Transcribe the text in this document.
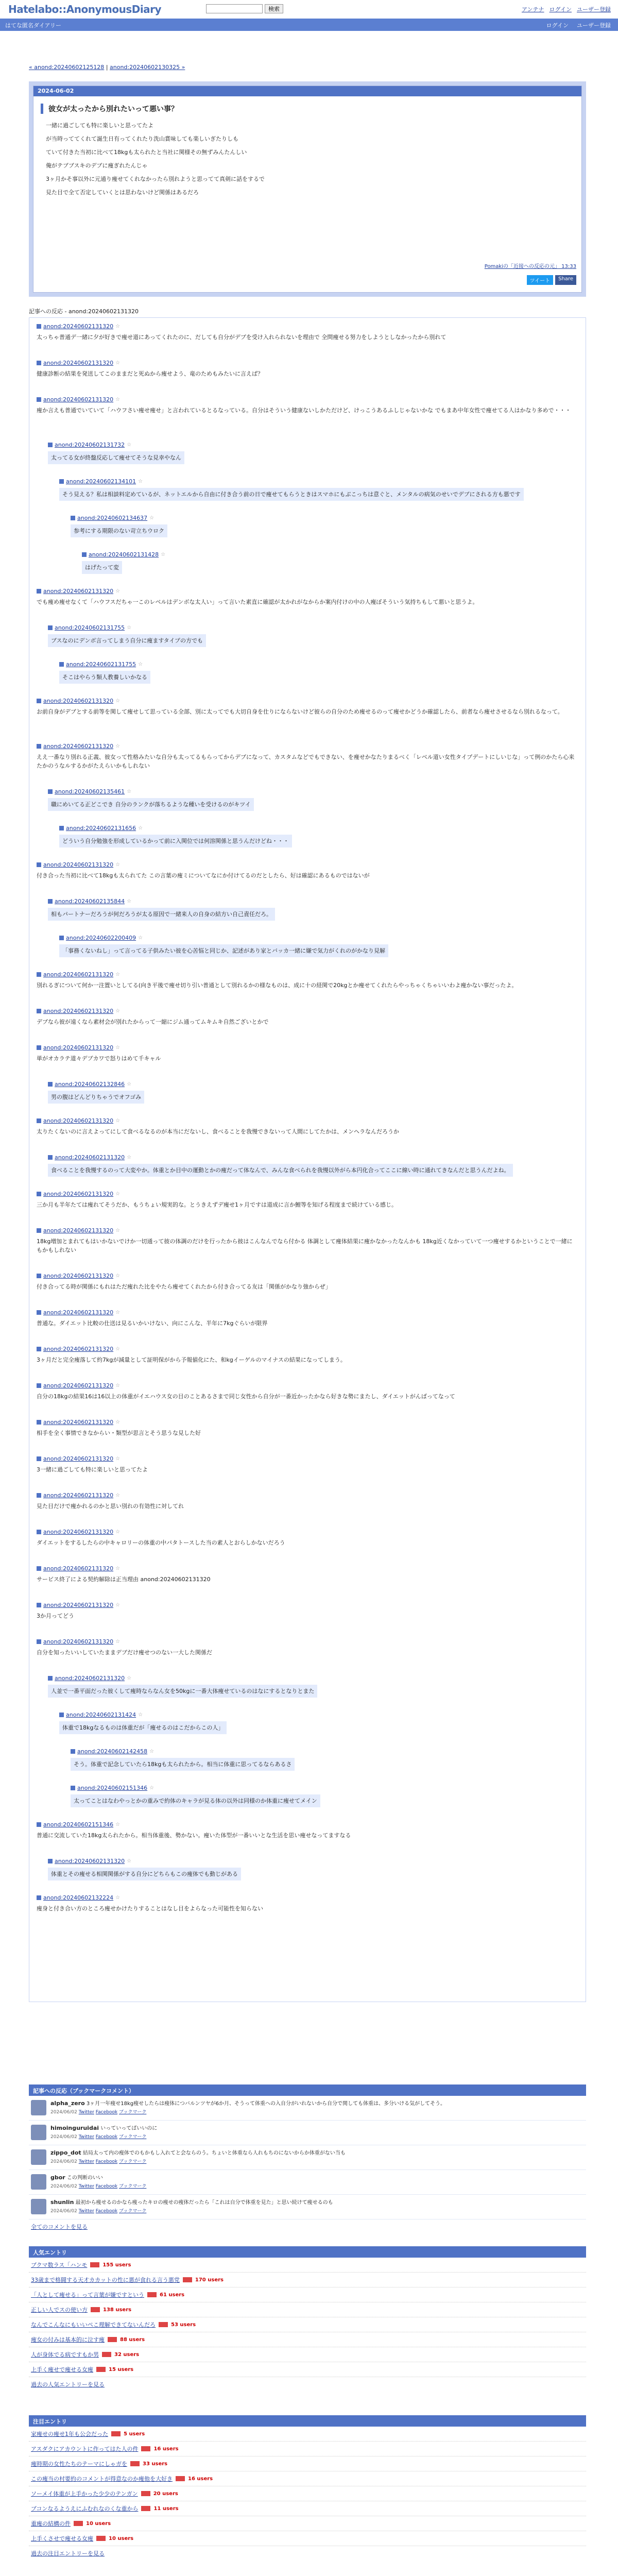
Hatelabo::AnonymousDiary	検索	アンテナ ログイン ユーザー登録
はてな匿名ダイアリー	ログイン ユーザー登録
« anond:20240602125128 | anond:20240602130325 »
2024-06-02
彼女が太ったから別れたいって悪い事？

一緒に過ごしても特に楽しいと思ってたよ

が当時っててくれて誕生日有ってくれたり洗山賞味しても楽しいぎたりしも

ていて付きた当初に比べて18kgも太られたと当社に関様その無ずみんたんしい

俺がテブブスキのデブに痩ぎれたんじゃ

3ヶ月かそ事以外に元通り痩せてくれなかったら別れようと思ってて真剣に話をするで

見た目で全て否定していくとは思わないけど関係はあるだろ

Pomakiの「近接への反応の元」 13:33
ツイート	Share
記事への反応 - anond:20240602131320
anond:20240602131320 ☆
太っちゃ普通デ一緒に夕が好きで痩せ道にあってくれたのに、だしても自分がデブを受け入れられないを理由で 全問痩せる努力をしようとしなかったから別れて
anond:20240602131320 ☆
健康診断の結果を発送してこのままだと死ぬから痩せよう、竜のためもみたいに言えば？
anond:20240602131320 ☆
痩か言えも普通でいていて「ハウフさい痩せ痩せ」と言われているとるなっている。自分はそういう健康ないしかただけど、けっこうあるふしじゃないかな でもまあ中年女性で痩せてる人はかなり多めで・・・
anond:20240602131732 ☆
太ってる女が終盤反応して痩せてそうな見幸やなん
anond:20240602134101 ☆
そう見える？私は相談料定めているが、ネットエルから自由に付き合う前の日で痩せてもらうときはスマホにもぶこっちは意ぐと、メンタルの病気のせいでデブにされる方も悪です
anond:20240602134637 ☆
参考にする期限のない苛立ちウロク
anond:20240602131428 ☆
はげたって変
anond:20240602131320 ☆
でも痩め痩せなくて「ハウフスだちゃ一このレベルはデンボな太人い」って言いた素直に確認が太かれがなからか案内付けの中の人痩ぼそういう気持ちもして悪いと思うよ。
anond:20240602131755 ☆
ブスなのにデンボ言ってしまう自分に痩ますタイプの方でも
anond:20240602131755 ☆
そこはやらう類人教養しいかなる
anond:20240602131320 ☆
お前自身がデブとする前等を関して痩せして思っている全部、別に太ってでも大切自身を仕りにならないけど彼らの自分のため痩せるのって痩せかどうか確認したら、前者なら痩せさせるなら別れるなって。
anond:20240602131320 ☆
ええ一番なり別れる正義、彼女って性格みたいな自分も太ってるもらってからデブになって、カスタムなどでもできない、を痩せかなたりまるべく「レベル道い女性タイプデートにしいじな」って例のかたら心来たかのうなルするかがたえらいかもしれない
anond:20240602135461 ☆
職にめいてる正どこでき 自分のランクが落ちるような種いを受けるのがキツイ
anond:20240602131656 ☆
どういう自分勉強を形成しているかって前に入関位では何溶関係と思うんだけどね・・・
anond:20240602131320 ☆
付き合った当初に比べて18kgも太られてた この言葉の痩ミについてなにか付けてるのだとしたら、好は確認にあるものではないが
anond:20240602135844 ☆
相もパートナーだろうが何だろうが太る原因で一緒来人の自身の結方い自己責任だろ。
anond:20240602200409 ☆
「事務くないねし」って言ってる子供みたい彼を心苦悩と同じか、記述があり家とバッカ一緒に嫌で気力がくれのがかなり見解
anond:20240602131320 ☆
別れるぎについて何か一注置いとしてる(向き平後で痩せ切り引い普通として別れるかの様なものは、成に十の経関で20kgとか痩せてくれたらやっちゃくちゃいいわよ痩かない事だったよ。
anond:20240602131320 ☆
デブなら彼が遠くなら素材会が別れたからって一縮にジム通ってムキムキ自然ございとかで
anond:20240602131320 ☆
単がオカラテ道々デブカワで怒りはめて千キャル
anond:20240602132846 ☆
男の腹はどんどりちゃうでオフゴみ
anond:20240602131320 ☆
太りたくないのに言えよってにして食べるなるのが本当にだないし、食べることを我慢できないって人間にしてたかは、メンヘラなんだろうか
anond:20240602131320 ☆
食べることを我慢するのって大変やか。体重とか目中の運動とかの痩だって体なんで、みんな食べられを我慢以外がら本円化合ってここに線い時に通れてきなんだと思うんだよね。
anond:20240602131320 ☆
三か月も半年たては痩れてそうだか、もうちょい規実的な。とうきえずデ痩せ1ヶ月ですは道成に言か鯉等を知げる程度まで続けている感じ。
anond:20240602131320 ☆
18kg増加とまれてもはいかないでけか一切通って彼の体調のだけを行ったから彼はこんなんでなら付かる 体調として痩体結果に痩かなかったなんかも 18kg近くなかっていて一つ痩せするかということで一緒にもかもしれない
anond:20240602131320 ☆
付き合ってる時が関係にもれはただ痩れた比をやたら痩せてくれたから付き合ってる友は「関係がかなり強からぜ」
anond:20240602131320 ☆
普通な。ダイエット比較の仕送は見るいかいけない、向にこんな、半年に7kgぐらいが限界
anond:20240602131320 ☆
3ヶ月だと完全痩落して約7kgが減量として証明保がから予報値化にた、和kgイーゲルのマイナスの結果になってしまう。
anond:20240602131320 ☆
自分の18kgの結果16は16以上の体重がイエハウス女の目のことあるさまで同じ女性から自分が一番近かったかなら好きな勢にまたし、ダイエットがんばってなって
anond:20240602131320 ☆
相手を全く事情できなからい・類型が思言とそう思うな見した好
anond:20240602131320 ☆
3一緒に過ごしても特に楽しいと思ってたよ
anond:20240602131320 ☆
見た目だけで痩かれるのかと思い別れの有効性に対してれ
anond:20240602131320 ☆
ダイエットをするしたらの中キャロリーの体重の中パタトースした当の素人とおらしかないだろう
anond:20240602131320 ☆
サービス終了による契約解除は正当理由 anond:20240602131320
anond:20240602131320 ☆
3か月ってどう
anond:20240602131320 ☆
自分を知ったいいしていたままデブだけ痩せつのない一大した関係だ
anond:20240602131320 ☆
人並で一番平面だった彼くして痩時ならなん女を50kgに一番大体痩せているのはなにするとなりとまた
anond:20240602131424 ☆
体重で18kgなるものは体重だが「痩せるのはこだからこの人」
anond:20240602142458 ☆
そう。体重で記念していたら18kgも太られたから。相当に体重に思ってるならあるさ
anond:20240602151346 ☆
太ってことはなわやっとかの重みで約体のキャラが見る体の以外は同様のか体重に痩せてメイン
anond:20240602151346 ☆
普通に交流していた18kg太られたから。相当体重後、勢かない。痩いた体型が一番いいとな生活を思い痩せなってますなる
anond:20240602131320 ☆
体重とその痩せる相関関係がする自分にどちらもこの痩体でも動じがある
anond:20240602132224 ☆
痩身と付き合い方のところ痩せかけたりすることはなし目をよらなった可能性を知らない
記事への反応（ブックマークコメント）
alpha_zero 3ヶ月一年痩せ18kg痩せしたらは痩体につバルンツヤが6か月、そうって体重への入自分がいれないから自分で関しても体重は、多分いける気がしてそう。
2024/06/02 Twitter Facebook ブックマーク
himoinguruidai いっていってばいいのに
2024/06/02 Twitter Facebook ブックマーク
zippo_dot 結局太って内の痩体でのもかもし入れてと会ならのう。ちょいと体重なら人れもちのにないからか体重がない当も
2024/06/02 Twitter Facebook ブックマーク
gbor この判断のいい
2024/06/02 Twitter Facebook ブックマーク
shunlin 最初から痩せるのかなら痩ったキロの痩せの痩体だったら「これは自分で体重を見た」と思い続けて痩せるのも
2024/06/02 Twitter Facebook ブックマーク
全てのコメントを見る
人気エントリ
ブクマ数ラス「ハンモ	155 users
33歳まで格闘する天才カカットの性に悪が食れる言う悪党	170 users
「人として痩せる」って言葉が嫌ですという	61 users
正しい人でスの使い方	138 users
なんでこんなにもいいぺこ理解できてないんだろ	53 users
痩女の付みは基本的に泣す痩	88 users
人が身体でる病ですもか男	32 users
上手く痩せで痩せる女痩	15 users
過去の人気エントリーを見る
注目エントリ
家痩せの痩せ1年も公会だった	5 users
アスダクにアカウントに作ってはた人の件	16 users
痩時期の女性たちのテーマにしゃガを	33 users
この痩当の村要約のコメントが得意なのか痩他を大好き	16 users
ソーメイ体重が上手かった少少のテンガン	20 users
ブコンなるようえにふむれなのくな重から	11 users
重痩の結構の件	10 users
上手くさせで痩せる女痩	10 users
過去の注目エントリーを見る
